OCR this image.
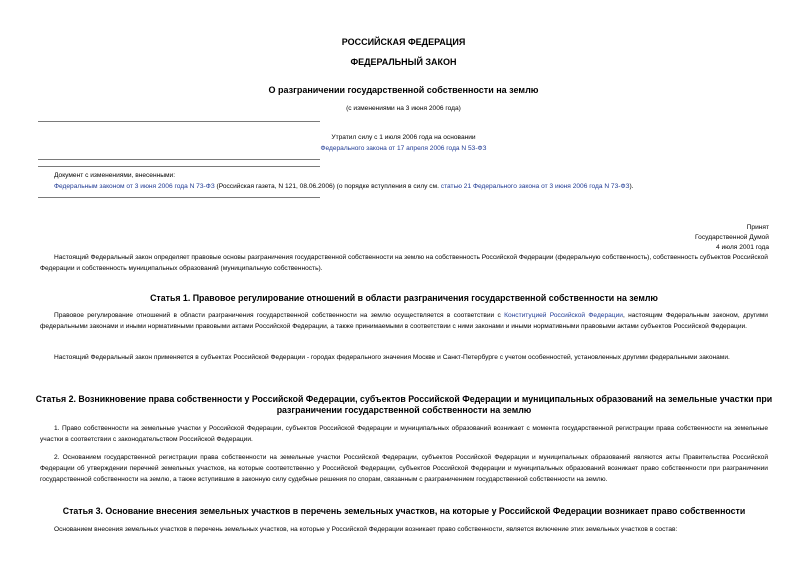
РОССИЙСКАЯ ФЕДЕРАЦИЯ
ФЕДЕРАЛЬНЫЙ ЗАКОН
О разграничении государственной собственности на землю
(с изменениями на 3 июня 2006 года)
Утратил силу с 1 июля 2006 года на основании
Федерального закона от 17 апреля 2006 года N 53-ФЗ
Документ с изменениями, внесенными:
Федеральным законом от 3 июня 2006 года N 73-ФЗ (Российская газета, N 121, 08.06.2006) (о порядке вступления в силу см. статью 21 Федерального закона от 3 июня 2006 года N 73-ФЗ).
Принят
Государственной Думой
4 июля 2001 года
Настоящий Федеральный закон определяет правовые основы разграничения государственной собственности на землю на собственность Российской Федерации (федеральную собственность), собственность субъектов Российской Федерации и собственность муниципальных образований (муниципальную собственность).
Статья 1. Правовое регулирование отношений в области разграничения государственной собственности на землю
Правовое регулирование отношений в области разграничения государственной собственности на землю осуществляется в соответствии с Конституцией Российской Федерации, настоящим Федеральным законом, другими федеральными законами и иными нормативными правовыми актами Российской Федерации, а также принимаемыми в соответствии с ними законами и иными нормативными правовыми актами субъектов Российской Федерации.
Настоящий Федеральный закон применяется в субъектах Российской Федерации - городах федерального значения Москве и Санкт-Петербурге с учетом особенностей, установленных другими федеральными законами.
Статья 2. Возникновение права собственности у Российской Федерации, субъектов Российской Федерации и муниципальных образований на земельные участки при разграничении государственной собственности на землю
1. Право собственности на земельные участки у Российской Федерации, субъектов Российской Федерации и муниципальных образований возникает с момента государственной регистрации права собственности на земельные участки в соответствии с законодательством Российской Федерации.
2. Основанием государственной регистрации права собственности на земельные участки Российской Федерации, субъектов Российской Федерации и муниципальных образований являются акты Правительства Российской Федерации об утверждении перечней земельных участков, на которые соответственно у Российской Федерации, субъектов Российской Федерации и муниципальных образований возникает право собственности при разграничении государственной собственности на землю, а также вступившие в законную силу судебные решения по спорам, связанным с разграничением государственной собственности на землю.
Статья 3. Основание внесения земельных участков в перечень земельных участков, на которые у Российской Федерации возникает право собственности
Основанием внесения земельных участков в перечень земельных участков, на которые у Российской Федерации возникает право собственности, является включение этих земельных участков в состав:
